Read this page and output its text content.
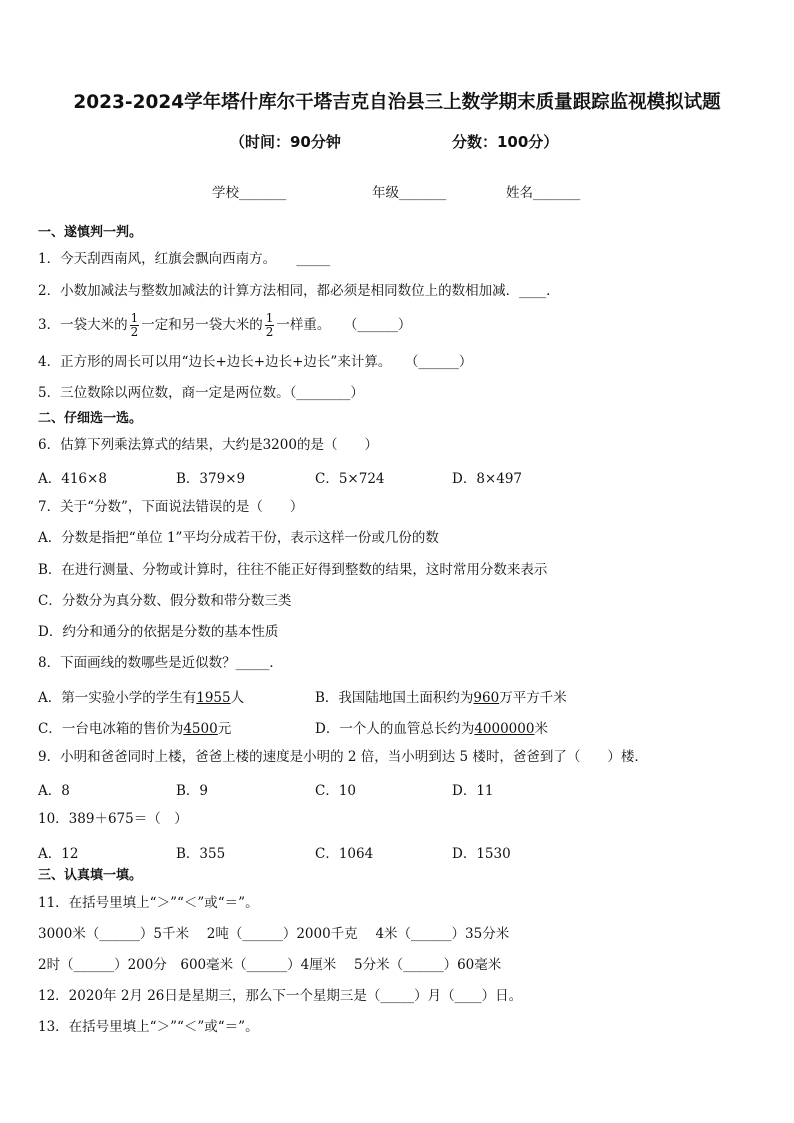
2023-2024学年塔什库尔干塔吉克自治县三上数学期末质量跟踪监视模拟试题
（时间：90分钟	分数：100分）
学校_______	年级_______	姓名_______
一、遂慎判一判。
1．今天刮西南风，红旗会飘向西南方。　　_____
2．小数加减法与整数加减法的计算方法相同，都必须是相同数位上的数相加减．____．
3．一袋大米的 $\frac{1}{2}$ 一定和另一袋大米的 $\frac{1}{2}$ 一样重。　　（______）
4．正方形的周长可以用“边长+边长+边长+边长”来计算。　　（______）
5．三位数除以两位数，商一定是两位数。（________）
二、仔细选一选。
6．估算下列乘法算式的结果，大约是3200的是（　　）
A．416×8	B．379×9	C．5×724	D．8×497
7．关于“分数”，下面说法错误的是（　　）
A．分数是指把“单位 1”平均分成若干份，表示这样一份或几份的数
B．在进行测量、分物或计算时，往往不能正好得到整数的结果，这时常用分数来表示
C．分数分为真分数、假分数和带分数三类
D．约分和通分的依据是分数的基本性质
8．下面画线的数哪些是近似数？_____．
A．第一实验小学的学生有1955人	B．我国陆地国土面积约为960万平方千米
C．一台电冰箱的售价为4500元	D．一个人的血管总长约为4000000米
9．小明和爸爸同时上楼，爸爸上楼的速度是小明的 2 倍，当小明到达 5 楼时，爸爸到了（　　）楼．
A．8	B．9	C．10	D．11
10．389＋675＝（　）
A．12	B．355	C．1064	D．1530
三、认真填一填。
11．在括号里填上“＞”“＜”或“＝”。
3000米（______）5千米　 2吨（______）2000千克　 4米（______）35分米
2时（______）200分　600毫米（______）4厘米　 5分米（______）60毫米
12．2020年 2月 26日是星期三，那么下一个星期三是（_____）月（____）日。
13．在括号里填上“＞”“＜”或“＝”。
